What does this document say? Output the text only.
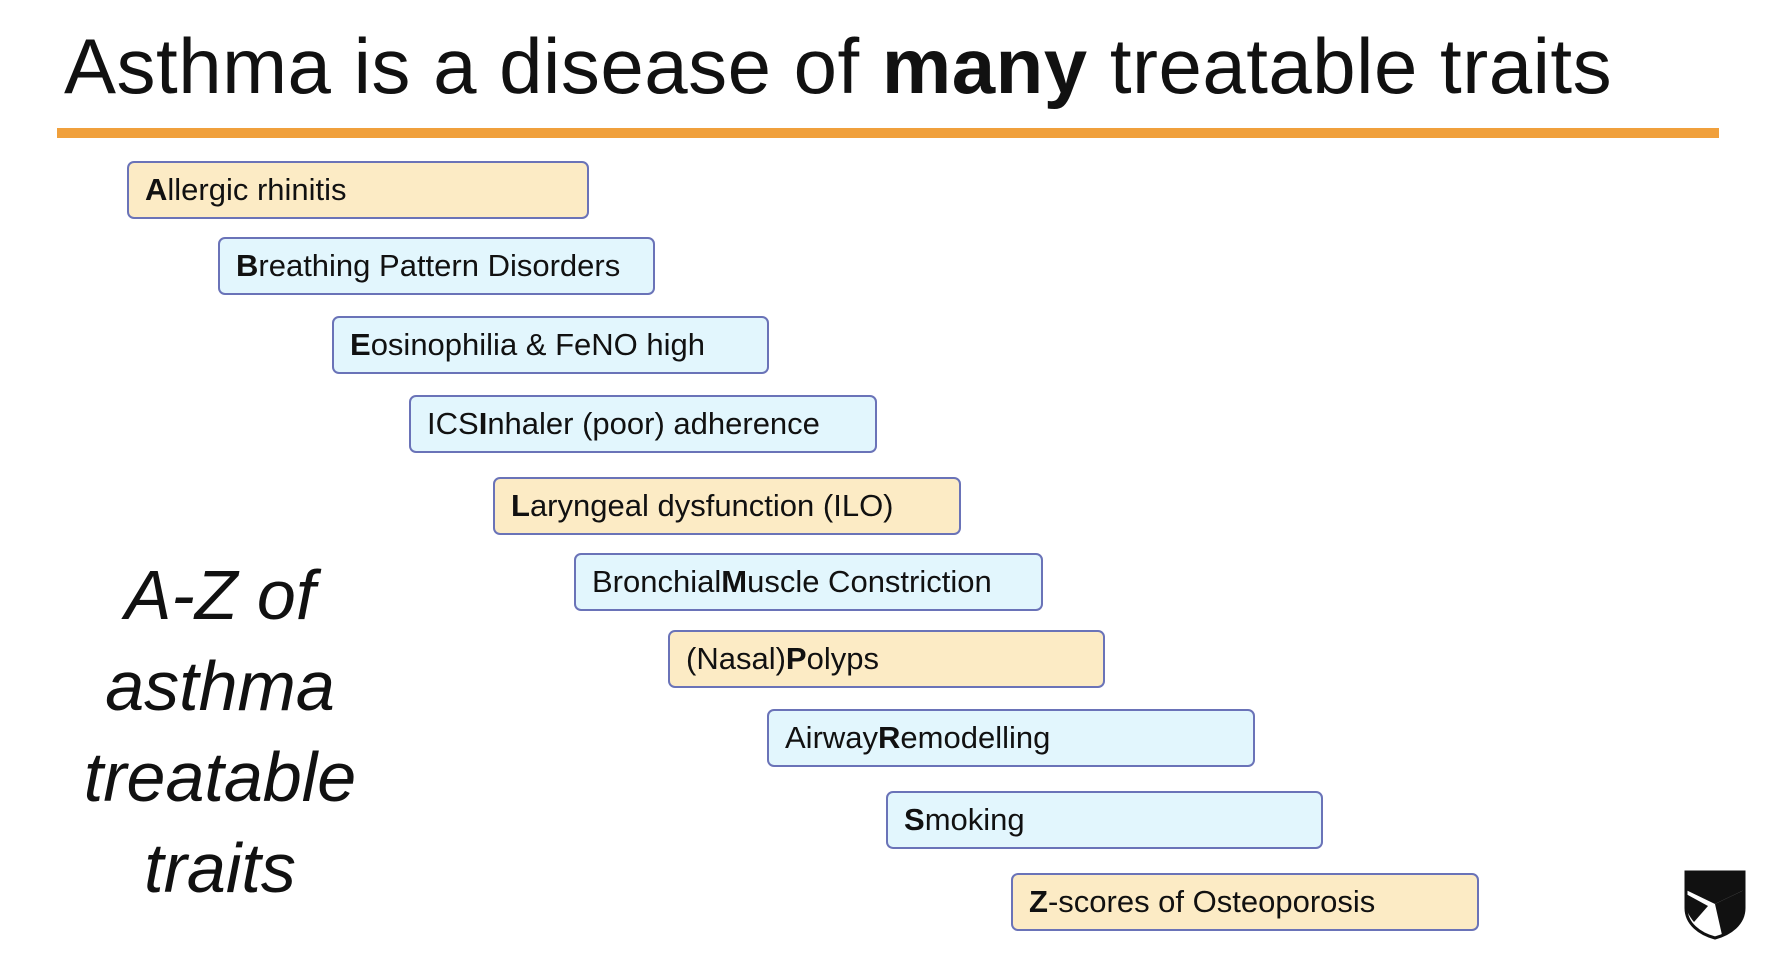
Asthma is a disease of many treatable traits
A llergic rhinitis
B reathing Pattern Disorders
E osinophilia & FeNO high
ICS I nhaler (poor) adherence
L aryngeal dysfunction (ILO)
Bronchial M uscle Constriction
(Nasal) P olyps
Airway R emodelling
S moking
Z -scores of Osteoporosis
A-Z of
asthma
treatable
traits
